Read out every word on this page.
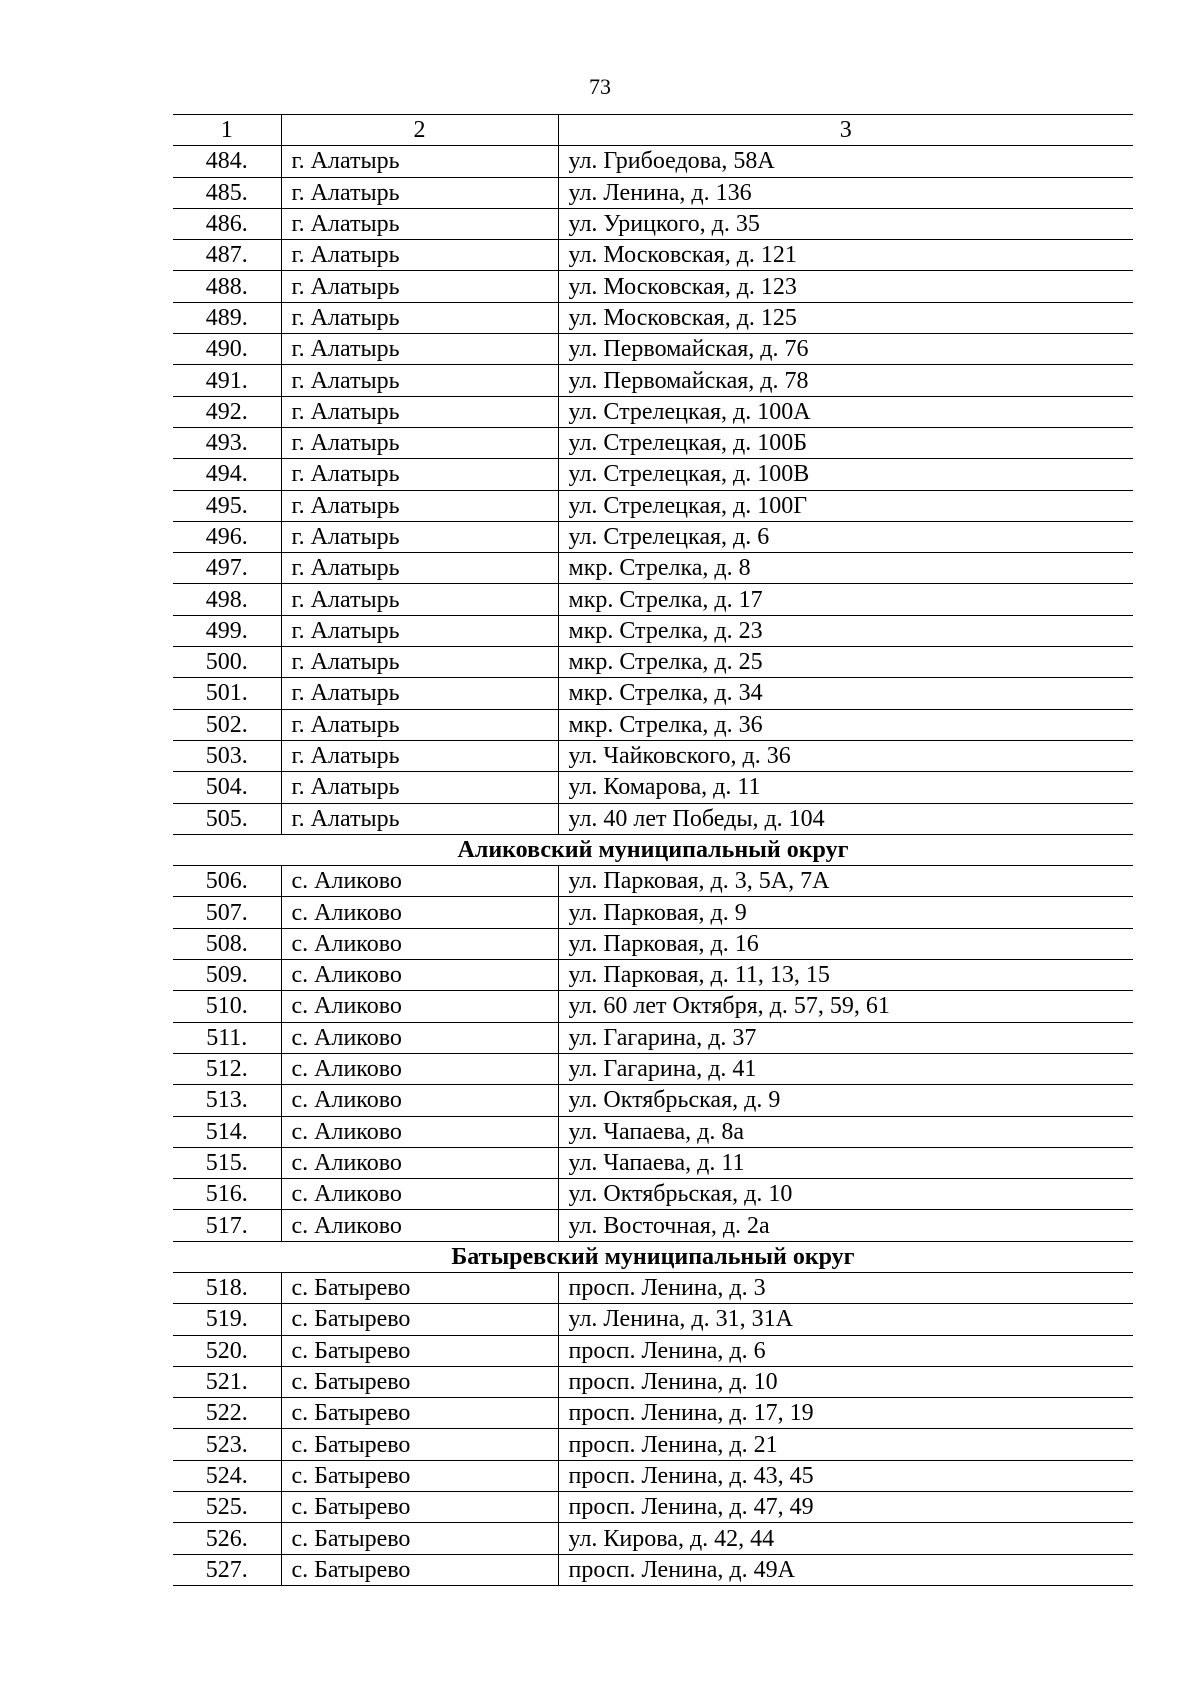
73
1	2	3
484.	г. Алатырь	ул. Грибоедова, 58А
485.	г. Алатырь	ул. Ленина, д. 136
486.	г. Алатырь	ул. Урицкого, д. 35
487.	г. Алатырь	ул. Московская, д. 121
488.	г. Алатырь	ул. Московская, д. 123
489.	г. Алатырь	ул. Московская, д. 125
490.	г. Алатырь	ул. Первомайская, д. 76
491.	г. Алатырь	ул. Первомайская, д. 78
492.	г. Алатырь	ул. Стрелецкая, д. 100А
493.	г. Алатырь	ул. Стрелецкая, д. 100Б
494.	г. Алатырь	ул. Стрелецкая, д. 100В
495.	г. Алатырь	ул. Стрелецкая, д. 100Г
496.	г. Алатырь	ул. Стрелецкая, д. 6
497.	г. Алатырь	мкр. Стрелка, д. 8
498.	г. Алатырь	мкр. Стрелка, д. 17
499.	г. Алатырь	мкр. Стрелка, д. 23
500.	г. Алатырь	мкр. Стрелка, д. 25
501.	г. Алатырь	мкр. Стрелка, д. 34
502.	г. Алатырь	мкр. Стрелка, д. 36
503.	г. Алатырь	ул. Чайковского, д. 36
504.	г. Алатырь	ул. Комарова, д. 11
505.	г. Алатырь	ул. 40 лет Победы, д. 104
Аликовский муниципальный округ		
506.	с. Аликово	ул. Парковая, д. 3, 5А, 7А
507.	с. Аликово	ул. Парковая, д. 9
508.	с. Аликово	ул. Парковая, д. 16
509.	с. Аликово	ул. Парковая, д. 11, 13, 15
510.	с. Аликово	ул. 60 лет Октября, д. 57, 59, 61
511.	с. Аликово	ул. Гагарина, д. 37
512.	с. Аликово	ул. Гагарина, д. 41
513.	с. Аликово	ул. Октябрьская, д. 9
514.	с. Аликово	ул. Чапаева, д. 8а
515.	с. Аликово	ул. Чапаева, д. 11
516.	с. Аликово	ул. Октябрьская, д. 10
517.	с. Аликово	ул. Восточная, д. 2а
Батыревский муниципальный округ		
518.	с. Батырево	просп. Ленина, д. 3
519.	с. Батырево	ул. Ленина, д. 31, 31А
520.	с. Батырево	просп. Ленина, д. 6
521.	с. Батырево	просп. Ленина, д. 10
522.	с. Батырево	просп. Ленина, д. 17, 19
523.	с. Батырево	просп. Ленина, д. 21
524.	с. Батырево	просп. Ленина, д. 43, 45
525.	с. Батырево	просп. Ленина, д. 47, 49
526.	с. Батырево	ул. Кирова, д. 42, 44
527.	с. Батырево	просп. Ленина, д. 49А
